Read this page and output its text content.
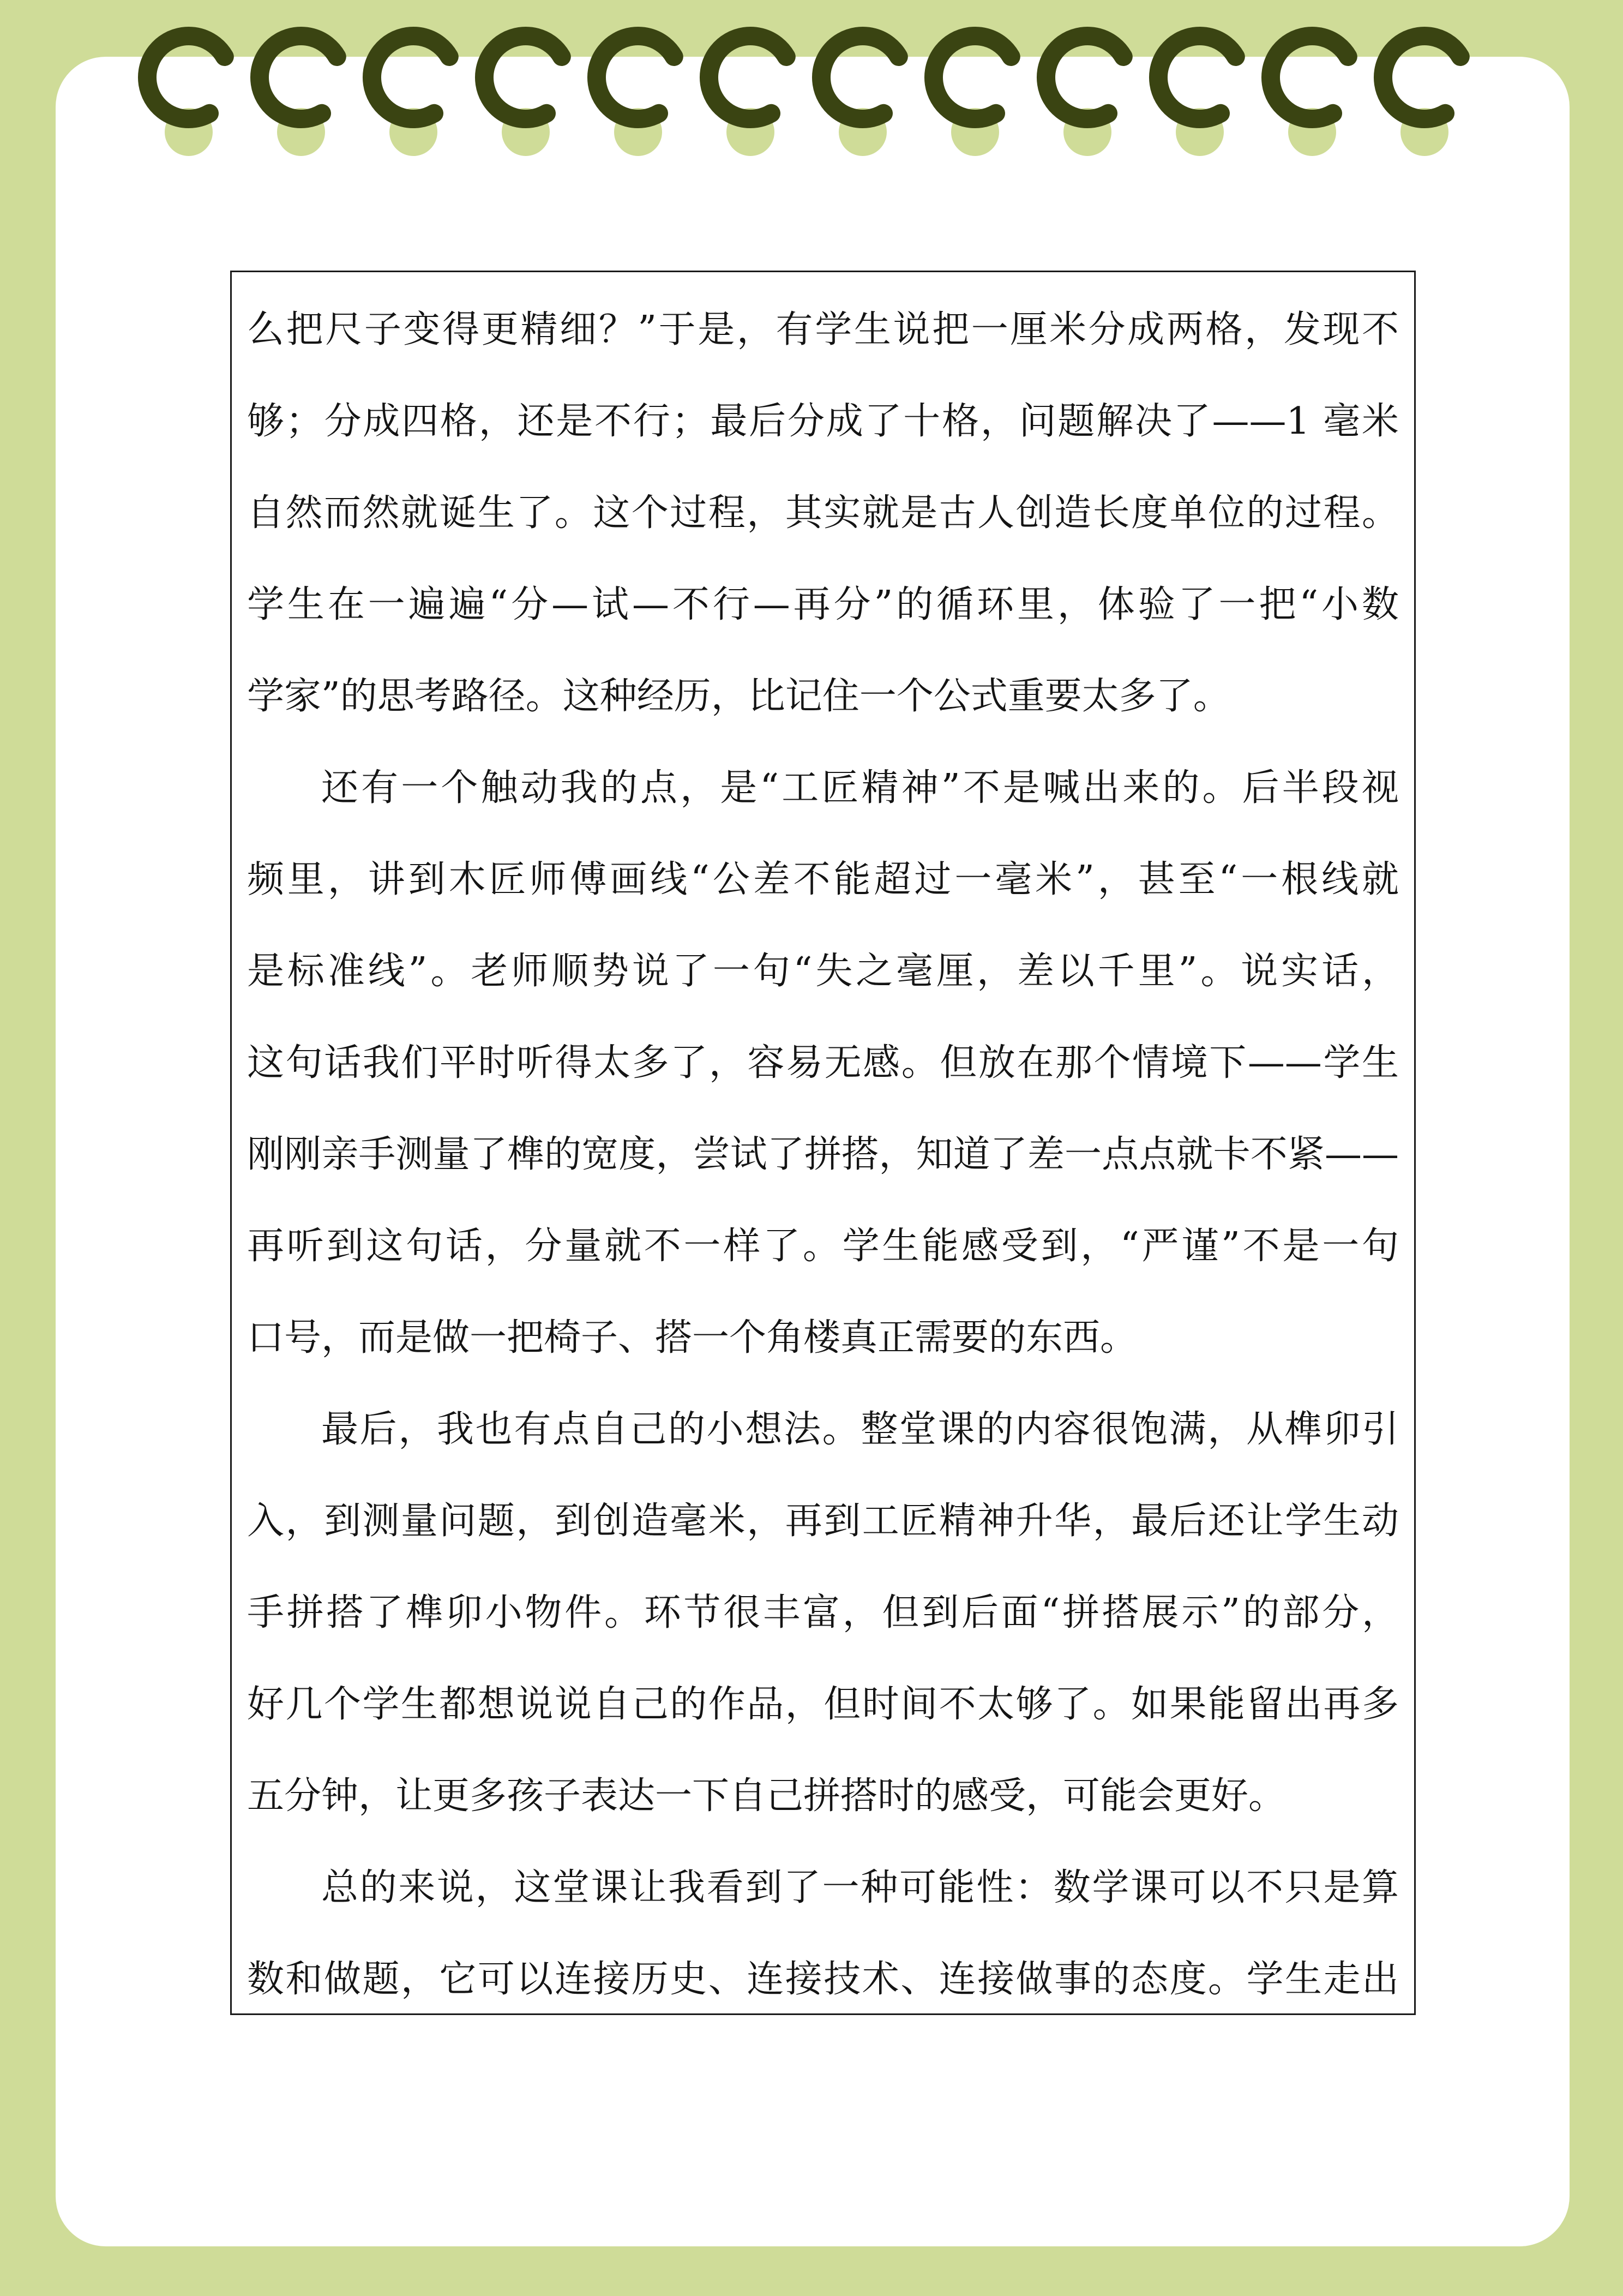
么把尺子变得更精细？”于是，有学生说把一厘米分成两格，发现不
够；分成四格，还是不行；最后分成了十格，问题解决了——1 毫米
自然而然就诞生了。这个过程，其实就是古人创造长度单位的过程。
学生在一遍遍“分—试—不行—再分”的循环里，体验了一把“小数
学家”的思考路径。这种经历，比记住一个公式重要太多了。
还有一个触动我的点，是“工匠精神”不是喊出来的。后半段视
频里，讲到木匠师傅画线“公差不能超过一毫米”，甚至“一根线就
是标准线”。老师顺势说了一句“失之毫厘，差以千里”。说实话，
这句话我们平时听得太多了，容易无感。但放在那个情境下——学生
刚刚亲手测量了榫的宽度，尝试了拼搭，知道了差一点点就卡不紧——
再听到这句话，分量就不一样了。学生能感受到，“严谨”不是一句
口号，而是做一把椅子、搭一个角楼真正需要的东西。
最后，我也有点自己的小想法。整堂课的内容很饱满，从榫卯引
入，到测量问题，到创造毫米，再到工匠精神升华，最后还让学生动
手拼搭了榫卯小物件。环节很丰富，但到后面“拼搭展示”的部分，
好几个学生都想说说自己的作品，但时间不太够了。如果能留出再多
五分钟，让更多孩子表达一下自己拼搭时的感受，可能会更好。
总的来说，这堂课让我看到了一种可能性：数学课可以不只是算
数和做题，它可以连接历史、连接技术、连接做事的态度。学生走出
